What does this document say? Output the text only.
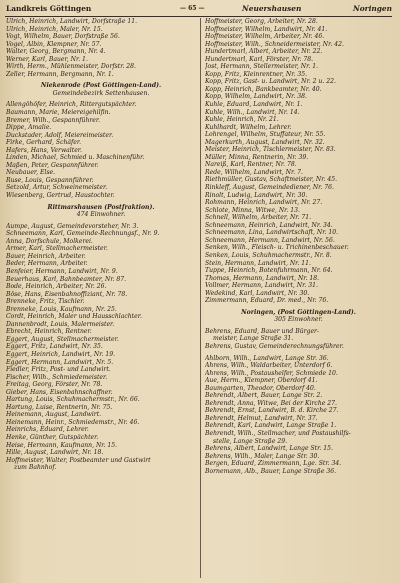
Landkreis Göttingen	— 65 —	Neuershausen	Noringen
Ulrich, Heinrich, Landwirt, Dorfstraße 11.
Ulrich, Heinrich, Maler, Nr. 15.
Vogt, Wilhelm, Bauer, Dorfstraße 56.
Vogel, Albin, Klempner, Nr. 57.
Walter, Georg, Bergmann, Nr. 4.
Werner, Karl, Bauer, Nr. 1.
Wirth, Herm., Mühlenmeister, Dorfstr. 28.
Zeller, Hermann, Bergmann, Nr. 1.
Niekenrode (Post Göttingen-Land).
Gemeindebezirk Settenhausen.
Allengöhöfer, Heinrich, Rittergutspächter.
Baumann, Marie, Meiereigehilfin.
Bremer, Wilh., Gespannführer.
Dippe, Amalie.
Duckstader, Adolf, Meiereimeister.
Firke, Gerhard, Schäfer.
Hafers, Hans, Verwalter.
Linden, Michael, Schmied u. Maschinenführ.
Maßen, Peter, Gespannführer.
Neubauer, Else.
Ruse, Louis, Gespannführer.
Setzold, Artur, Schweinemeister.
Wiesenberg, Gertrud, Haustochter.
Rittmarshausen (Postfraktion).
474 Einwohner.
Aumpe, August, Gemeindevorsteher, Nr. 3.
Schneemann, Karl, Gemeinde-Rechnungsf., Nr. 9.
Anna, Dorfschule, Molkerei.
Armer, Karl, Stellmachermeister.
Bauer, Heinrich, Arbeiter.
Beder, Hermann, Arbeiter.
Benfeier, Hermann, Landwirt, Nr. 9.
Beuerhaus, Karl, Bahnbeamter, Nr. 87.
Bode, Heinrich, Arbeiter, Nr. 26.
Böse, Hans, Eisenbahnoffiziant, Nr. 78.
Brenneke, Fritz, Tischler.
Brenneke, Louis, Kaufmann, Nr. 25.
Cordt, Heinrich, Maler und Hausschlachter.
Dannenbrodt, Louis, Malermeister.
Ebrecht, Heinrich, Rentner.
Eggert, August, Stellmachermeister.
Eggert, Fritz, Landwirt, Nr. 35.
Eggert, Heinrich, Landwirt, Nr. 19.
Eggert, Hermann, Landwirt, Nr. 5.
Fiedler, Fritz, Post- und Landwirt.
Fischer, Wilh., Schmiedemeister.
Freitag, Georg, Förster, Nr. 78.
Gieber, Hans, Eisenbahnschaffner.
Hartung, Louis, Schuhmachermstr., Nr. 66.
Hartung, Luise, Rentnerin, Nr. 75.
Heinemann, August, Landwirt.
Heinemann, Heinr., Schmiedemstr., Nr. 46.
Heinrichs, Eduard, Lehrer.
Henke, Günther, Gutspächter.
Heise, Hermann, Kaufmann, Nr. 15.
Hille, August, Landwirt, Nr. 18.
Hoffmeister, Walter, Postbeamter und Gastwirt
zum Bahnhof.
Hoffmeister, Georg, Arbeiter, Nr. 28.
Hoffmeister, Wilhelm, Landwirt, Nr. 41.
Hoffmeister, Wilhelm, Arbeiter, Nr. 46.
Hoffmeister, Wilh., Schneidermeister, Nr. 42.
Hundertmarl, Albert, Arbeiter, Nr. 22.
Hundertmarl, Karl, Förster, Nr. 78.
Jost, Hermann, Stellermeister, Nr. 1.
Kopp, Fritz, Kleinrentner, Nr. 35.
Kopp, Fritz, Gast- u. Landwirt, Nr. 2 u. 22.
Kopp, Heinrich, Bankbeamter, Nr. 40.
Kopp, Wilhelm, Landwirt, Nr. 38.
Kuhle, Eduard, Landwirt, Nr. 1.
Kuhle, Wilh., Landwirt, Nr. 14.
Kuhle, Heinrich, Nr. 21.
Kuhlhardt, Wilhelm, Lehrer.
Lohrengel, Wilhelm, Stuffateur, Nr. 55.
Magerkurth, August, Landwirt, Nr. 32.
Meister, Heinrich, Tischlermeister, Nr. 83.
Müller, Minna, Rentnerin, Nr. 39.
Nareiß, Karl, Rentner, Nr. 78.
Rede, Wilhelm, Landwirt, Nr. 7.
Riethmüller, Gustav, Schaftmeister, Nr. 45.
Rinkleff, August, Gemeindediener, Nr. 76.
Rinolt, Ludwig, Landwirt, Nr. 30.
Rohmann, Heinrich, Landwirt, Nr. 27.
Schlote, Minna, Witwe, Nr. 13.
Schnell, Wilhelm, Arbeiter, Nr. 71.
Schneemann, Heinrich, Landwirt, Nr. 34.
Schneemann, Lina, Landwirtschaft, Nr. 10.
Schneemann, Hermann, Landwirt, Nr. 56.
Senken, Wilh., Fleisch- u. Trichinenbeschauer.
Senken, Louis, Schuhmachermstr., Nr. 8.
Stein, Hermann, Landwirt, Nr. 11.
Tuppe, Heinrich, Botenfuhrmann, Nr. 64.
Thomas, Hermann, Landwirt, Nr. 18.
Vollmer, Hermann, Landwirt, Nr. 31.
Wedekind, Karl, Landwirt, Nr. 30.
Zimmermann, Eduard, Dr. med., Nr. 76.
Noringen, (Post Göttingen-Land).
305 Einwohner.
Behrens, Eduard, Bauer und Bürger-
meister, Lange Straße 31.
Behrens, Gustav, Gemeinderechnungsführer.
Ahlborn, Wilh., Landwirt, Lange Str. 36.
Ahrens, Wilh., Waldarbeiter, Unterdorf 6.
Ahrens, Wilh., Postaushelfer, Schmiede 10.
Aue, Herm., Klempner, Oberdorf 41.
Baumgarten, Theodor, Oberdorf 40.
Behrendt, Albert, Bauer, Lange Str. 2.
Behrendt, Anna, Witwe, Bei der Kirche 27.
Behrendt, Ernst, Landwirt, B. d. Kirche 27.
Behrendt, Helmut, Landwirt, Nr. 37.
Behrendt, Karl, Landwirt, Lange Straße 1.
Behrendt, Wilh., Stellmacher, und Postaushilfs-
stelle, Lange Straße 29.
Behrens, Albert, Landwirt, Lange Str. 15.
Behrens, Wilh., Maler, Lange Str. 30.
Bergen, Eduard, Zimmermann, Lge. Str. 34.
Bornemann, Alb., Bauer, Lange Straße 36.
